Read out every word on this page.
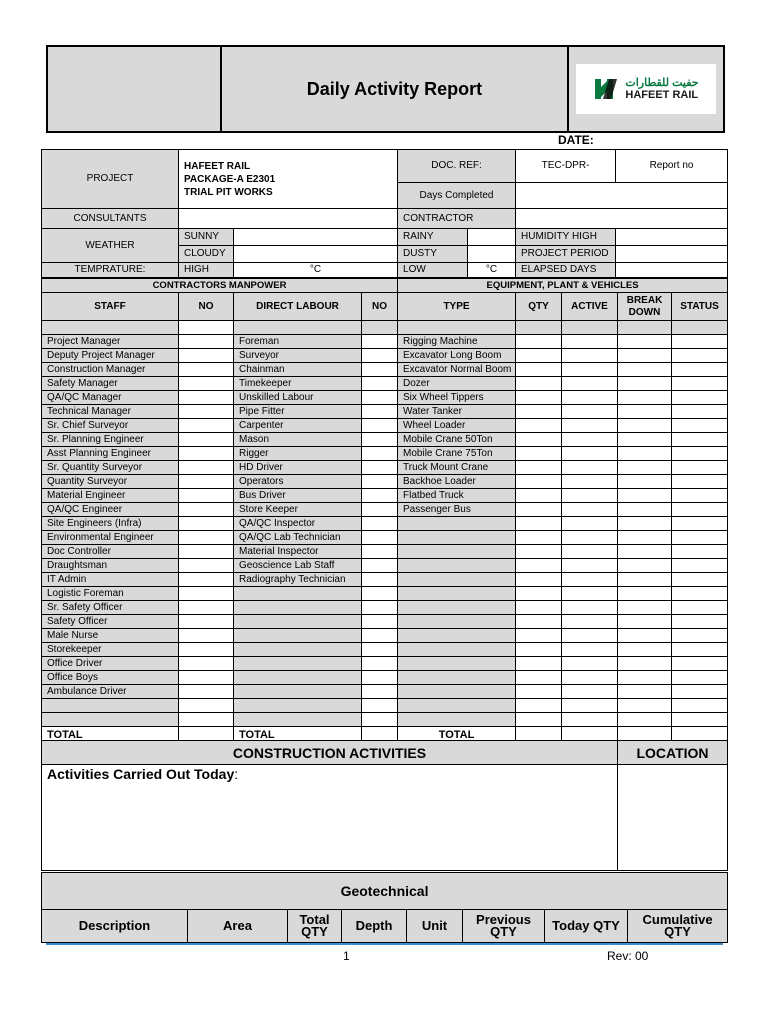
	Daily Activity Report	حفيت للقطارات
HAFEET RAIL
DATE:
PROJECT	HAFEET RAIL
PACKAGE-A E2301
TRIAL PIT WORKS		DOC. REF:		TEC-DPR-	Report no
			Days Completed			
CONSULTANTS			CONTRACTOR			
WEATHER	SUNNY		RAINY		HUMIDITY HIGH	
	CLOUDY		DUSTY		PROJECT PERIOD	
TEMPRATURE:	HIGH	°C	LOW	°C	ELAPSED DAYS	
CONTRACTORS MANPOWER				EQUIPMENT, PLANT & VEHICLES				
STAFF	NO	DIRECT LABOUR	NO	TYPE	QTY	ACTIVE	BREAK DOWN	STATUS

Project Manager		Foreman		Rigging Machine				
Deputy Project Manager		Surveyor		Excavator Long Boom				
Construction Manager		Chainman		Excavator Normal Boom				
Safety Manager		Timekeeper		Dozer				
QA/QC Manager		Unskilled Labour		Six Wheel Tippers				
Technical Manager		Pipe Fitter		Water Tanker				
Sr. Chief Surveyor		Carpenter		Wheel Loader				
Sr. Planning Engineer		Mason		Mobile Crane 50Ton				
Asst Planning Engineer		Rigger		Mobile Crane 75Ton				
Sr. Quantity Surveyor		HD Driver		Truck Mount Crane				
Quantity Surveyor		Operators		Backhoe Loader				
Material Engineer		Bus Driver		Flatbed Truck				
QA/QC Engineer		Store Keeper		Passenger Bus				
Site Engineers (Infra)		QA/QC Inspector						
Environmental Engineer		QA/QC Lab Technician						
Doc Controller		Material Inspector						
Draughtsman		Geoscience Lab Staff						
IT Admin		Radiography Technician						
Logistic Foreman								
Sr. Safety Officer								
Safety Officer								
Male Nurse								
Storekeeper								
Office Driver								
Office Boys								
Ambulance Driver								

TOTAL		TOTAL		TOTAL				
CONSTRUCTION ACTIVITIES	LOCATION
Activities Carried Out Today:	
Geotechnical
Description	Area	Total QTY	Depth	Unit	Previous QTY	Today QTY	Cumulative QTY
1	Rev: 00
